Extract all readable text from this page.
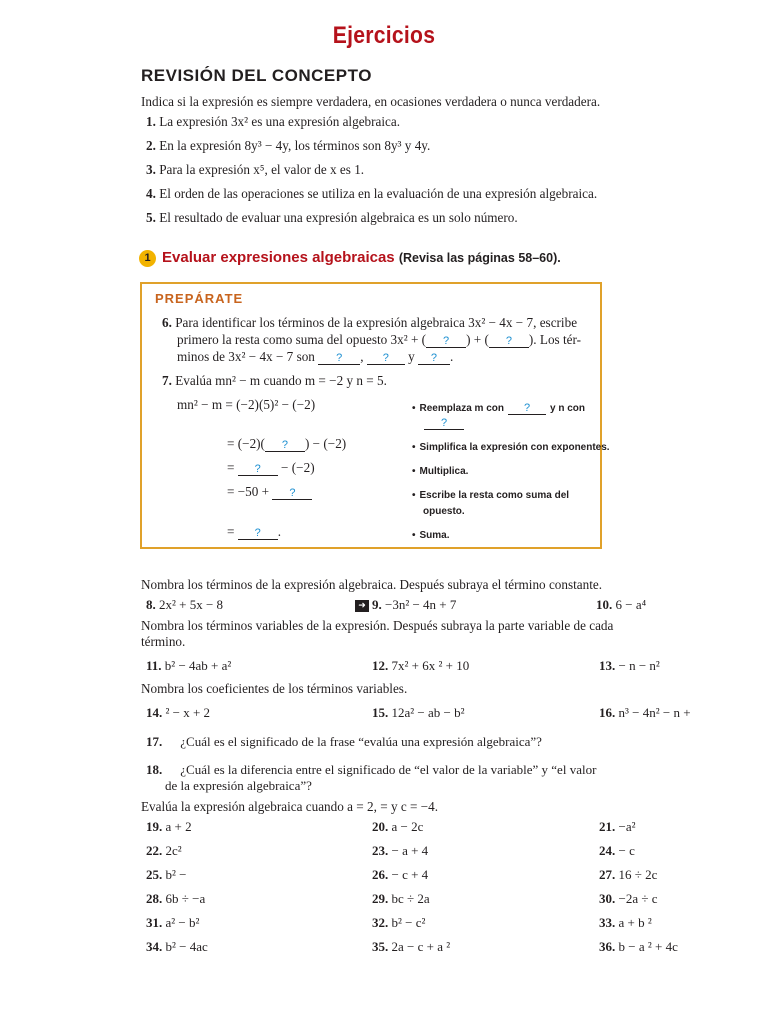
Ejercicios
REVISIÓN DEL CONCEPTO
Indica si la expresión es siempre verdadera, en ocasiones verdadera o nunca verdadera.
1. La expresión 3x² es una expresión algebraica.
2. En la expresión 8y³ − 4y, los términos son 8y³ y 4y.
3. Para la expresión x⁵, el valor de x es 1.
4. El orden de las operaciones se utiliza en la evaluación de una expresión algebraica.
5. El resultado de evaluar una expresión algebraica es un solo número.
1 Evaluar expresiones algebraicas (Revisa las páginas 58–60).
PREPÁRATE
6. Para identificar los términos de la expresión algebraica 3x² − 4x − 7, escribe
primero la resta como suma del opuesto 3x² + ( ? ) + ( ? ). Los tér-
minos de 3x² − 4x − 7 son ? , ? y ? .
7. Evalúa mn² − m cuando m = −2 y n = 5.
mn² − m = (−2)(5)² − (−2)	• Reemplaza m con ? y n con
?
= (−2)( ? ) − (−2)	• Simplifica la expresión con exponentes.
= ? − (−2)	• Multiplica.
= −50 + ?	• Escribe la resta como suma del
opuesto.
= ? .	• Suma.
Nombra los términos de la expresión algebraica. Después subraya el término constante.
8. 2x² + 5x − 8	➜ 9. −3n² − 4n + 7	10. 6 − a⁴
Nombra los términos variables de la expresión. Después subraya la parte variable de cada
término.
11. b² − 4ab + a²	12. 7x² + 6x ² + 10	13. − n − n²
Nombra los coeficientes de los términos variables.
14. ² − x + 2	15. 12a² − ab − b²	16. n³ − 4n² − n +
17. ¿Cuál es el significado de la frase “evalúa una expresión algebraica”?
18. ¿Cuál es la diferencia entre el significado de “el valor de la variable” y “el valor
de la expresión algebraica”?
Evalúa la expresión algebraica cuando a = 2, = y c = −4.
19. a + 2	20. a − 2c	21. −a²
22. 2c²	23. − a + 4	24. − c
25. b² −	26. − c + 4	27. 16 ÷ 2c
28. 6b ÷ −a	29. bc ÷ 2a	30. −2a ÷ c
31. a² − b²	32. b² − c²	33. a + b ²
34. b² − 4ac	35. 2a − c + a ²	36. b − a ² + 4c
